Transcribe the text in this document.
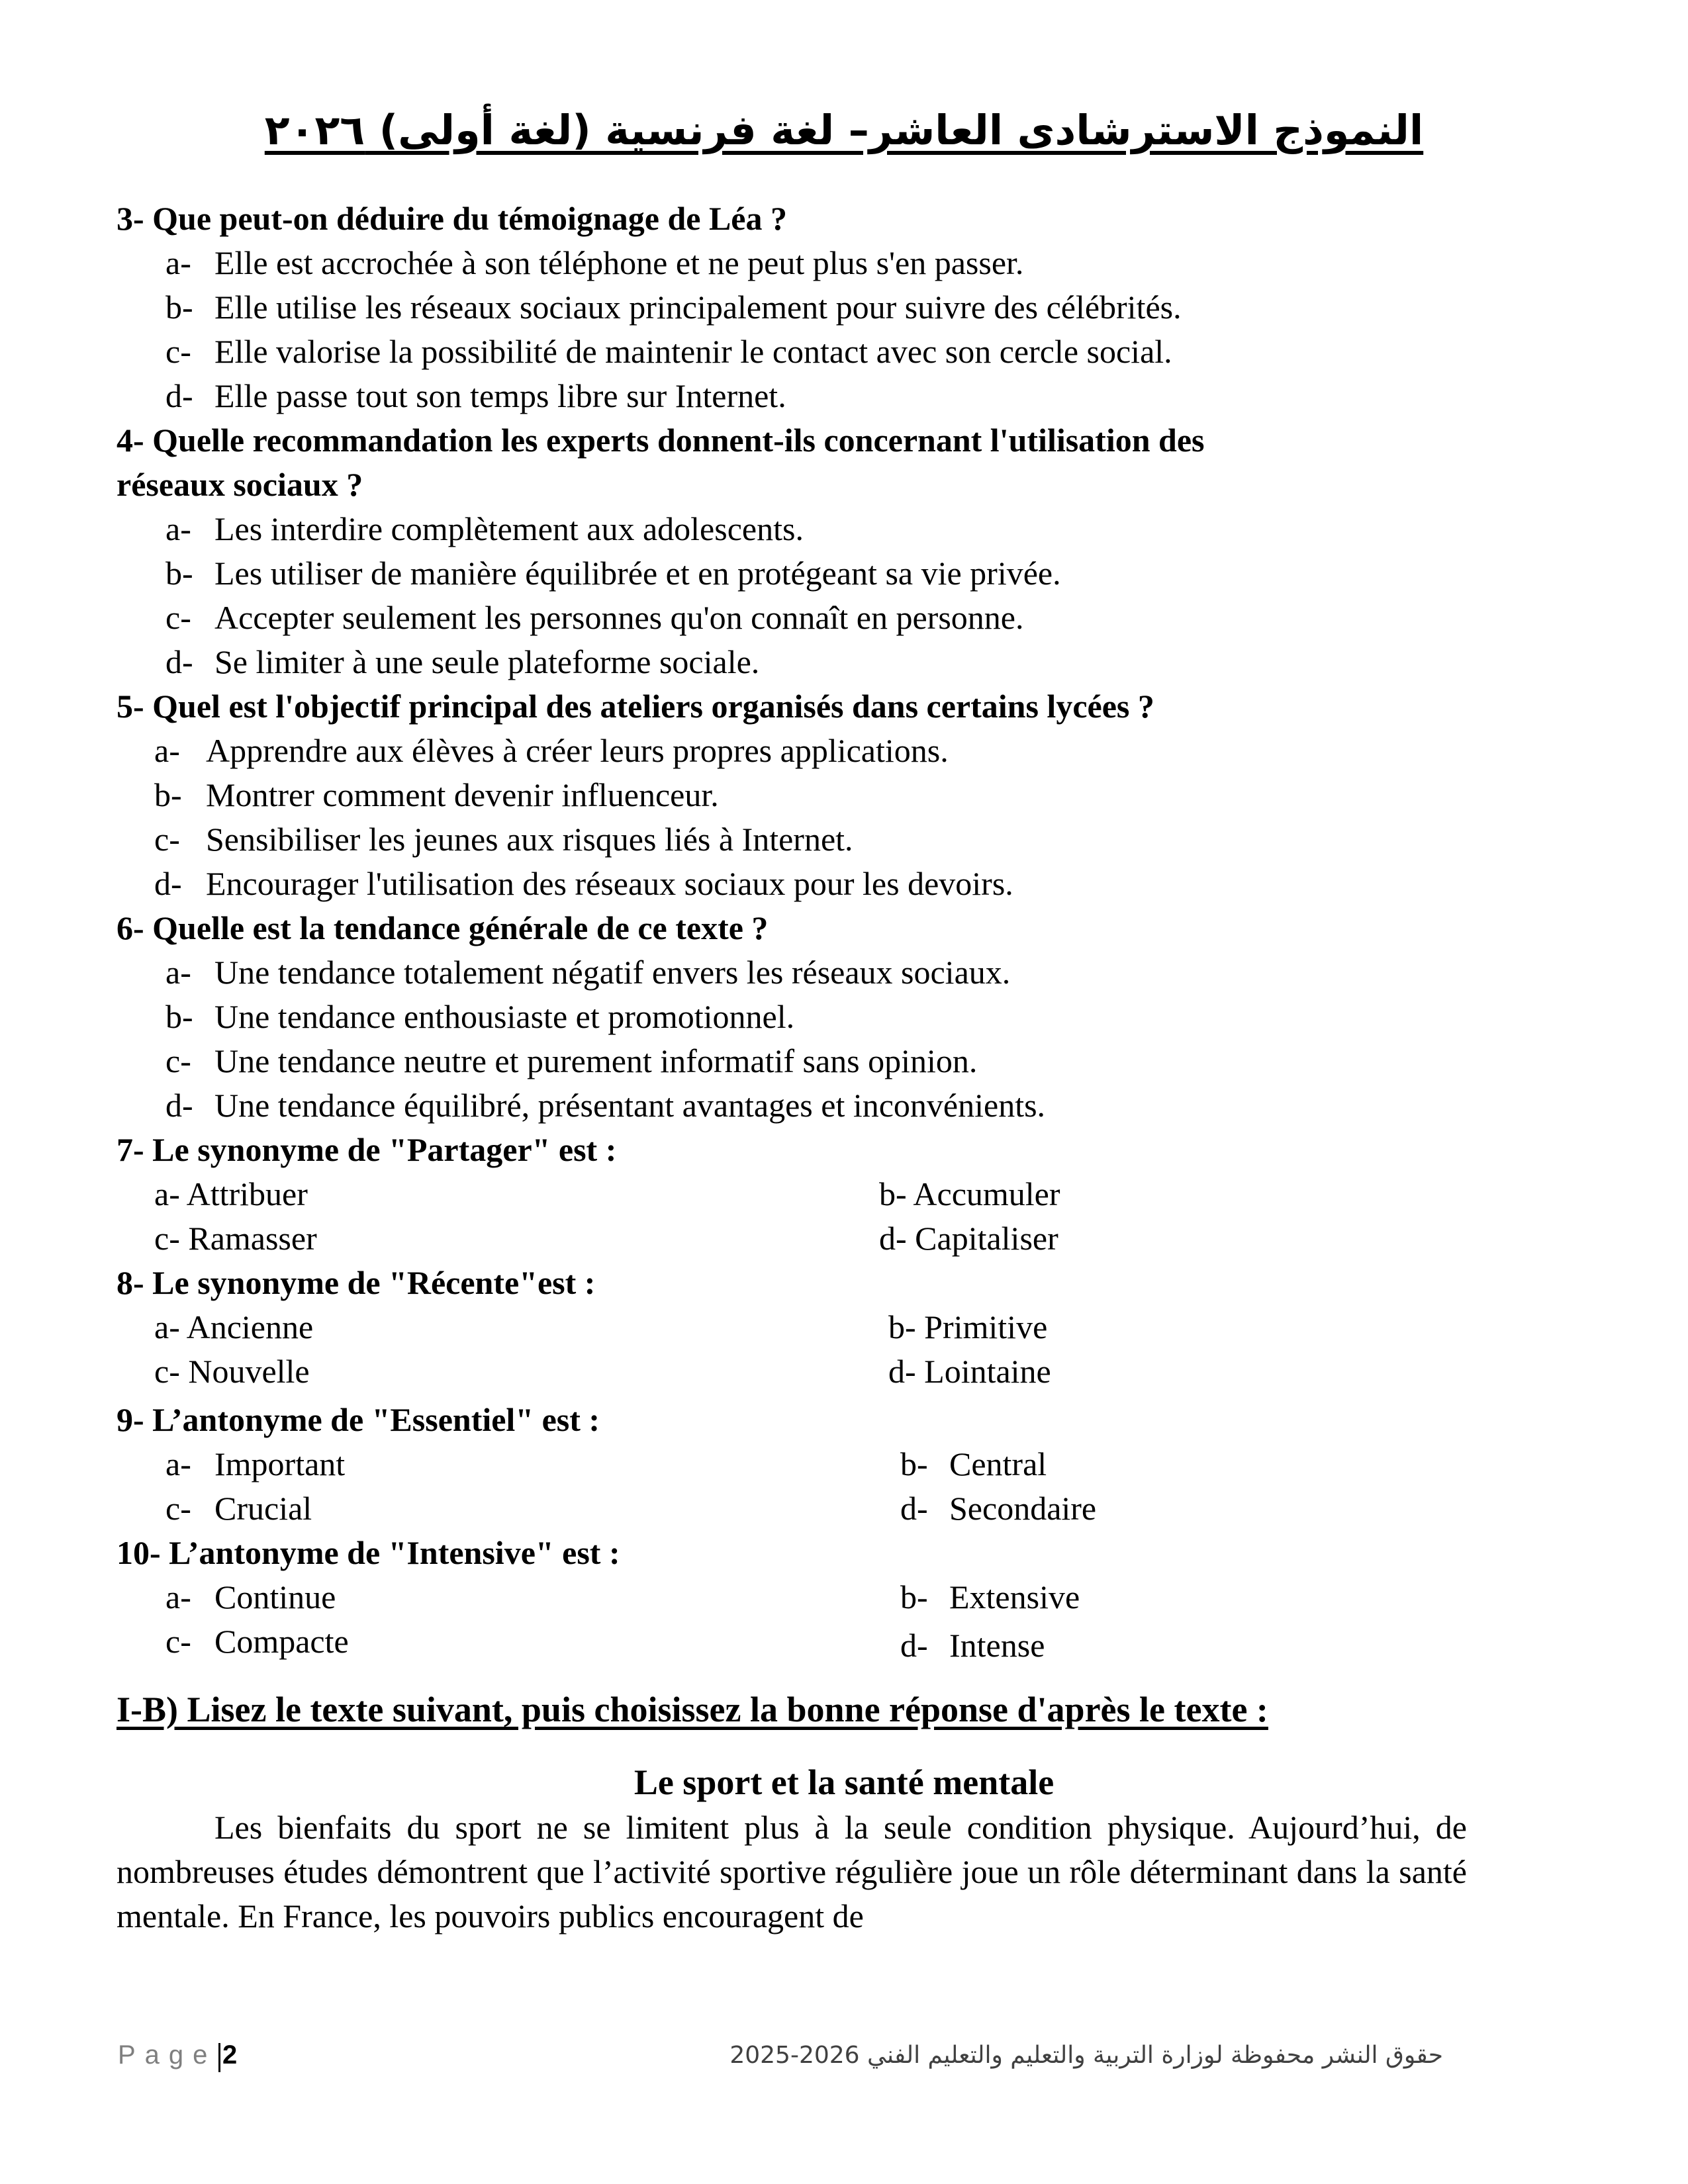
النموذج الاسترشادى العاشر– لغة فرنسية (لغة أولى) ٢٠٢٦
3- Que peut-on déduire du témoignage de Léa ?
a- Elle est accrochée à son téléphone et ne peut plus s'en passer.
b- Elle utilise les réseaux sociaux principalement pour suivre des célébrités.
c- Elle valorise la possibilité de maintenir le contact avec son cercle social.
d- Elle passe tout son temps libre sur Internet.
4- Quelle recommandation les experts donnent-ils concernant l'utilisation des
réseaux sociaux ?
a- Les interdire complètement aux adolescents.
b- Les utiliser de manière équilibrée et en protégeant sa vie privée.
c- Accepter seulement les personnes qu'on connaît en personne.
d- Se limiter à une seule plateforme sociale.
5- Quel est l'objectif principal des ateliers organisés dans certains lycées ?
a- Apprendre aux élèves à créer leurs propres applications.
b- Montrer comment devenir influenceur.
c- Sensibiliser les jeunes aux risques liés à Internet.
d- Encourager l'utilisation des réseaux sociaux pour les devoirs.
6- Quelle est la tendance générale de ce texte ?
a- Une tendance totalement négatif envers les réseaux sociaux.
b- Une tendance enthousiaste et promotionnel.
c- Une tendance neutre et purement informatif sans opinion.
d- Une tendance équilibré, présentant avantages et inconvénients.
7- Le synonyme de "Partager" est :
a- Attribuer	b- Accumuler
c- Ramasser	d- Capitaliser
8- Le synonyme de "Récente"est :
a- Ancienne	b- Primitive
c- Nouvelle	d- Lointaine
9- L’antonyme de "Essentiel" est :
a- Important	b- Central
c- Crucial	d- Secondaire
10- L’antonyme de "Intensive" est :
a- Continue	b- Extensive
c- Compacte	d- Intense
I-B) Lisez le texte suivant, puis choisissez la bonne réponse d'après le texte :
Le sport et la santé mentale

Les bienfaits du sport ne se limitent plus à la seule condition physique. Aujourd’hui, de nombreuses études démontrent que l’activité sportive régulière joue un rôle déterminant dans la santé mentale. En France, les pouvoirs publics encouragent de

Page 2	حقوق النشر محفوظة لوزارة التربية والتعليم والتعليم الفني 2026-2025
